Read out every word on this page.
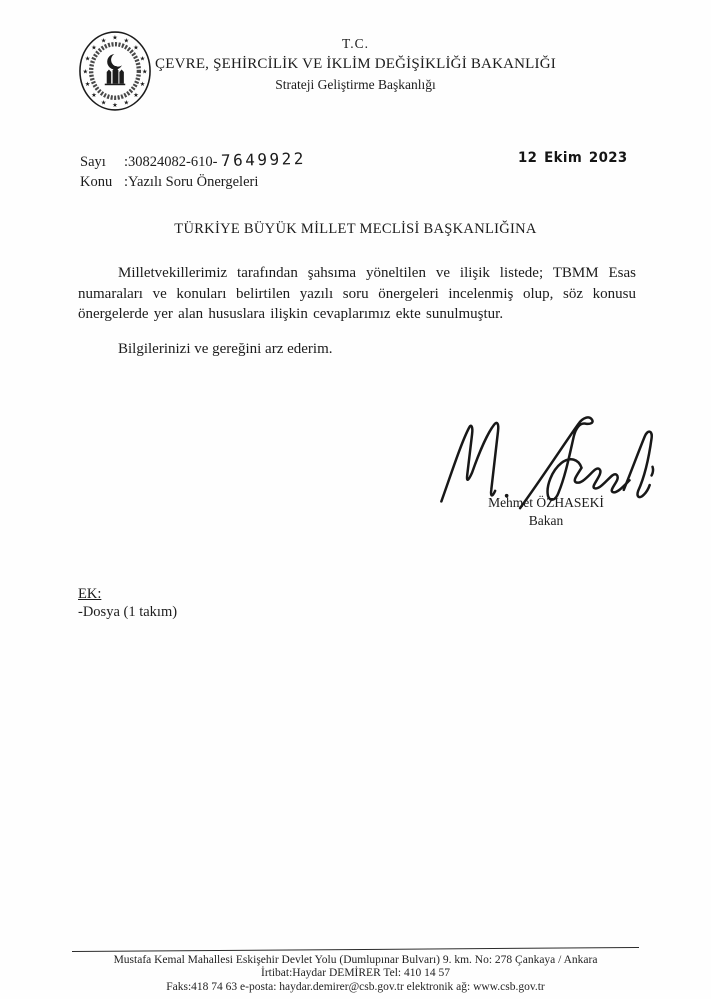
★ ★
★
★
★
★
★
★
★
★
★
★
★
★
★
★	T.C.
ÇEVRE, ŞEHİRCİLİK VE İKLİM DEĞİŞİKLİĞİ BAKANLIĞI
Strateji Geliştirme Başkanlığı
Sayı :30824082-610- 7649922
Konu :Yazılı Soru Önergeleri
12 Ekim 2023
TÜRKİYE BÜYÜK MİLLET MECLİSİ BAŞKANLIĞINA

Milletvekillerimiz tarafından şahsıma yöneltilen ve ilişik listede; TBMM Esas numaraları ve konuları belirtilen yazılı soru önergeleri incelenmiş olup, söz konusu önergelerde yer alan hususlara ilişkin cevaplarımız ekte sunulmuştur.

Bilgilerinizi ve gereğini arz ederim.

Mehmet ÖZHASEKİ
Bakan
EK:
-Dosya (1 takım)
Mustafa Kemal Mahallesi Eskişehir Devlet Yolu (Dumlupınar Bulvarı) 9. km. No: 278 Çankaya / Ankara
İrtibat:Haydar DEMİRER Tel: 410 14 57
Faks:418 74 63 e-posta: haydar.demirer@csb.gov.tr elektronik ağ: www.csb.gov.tr
